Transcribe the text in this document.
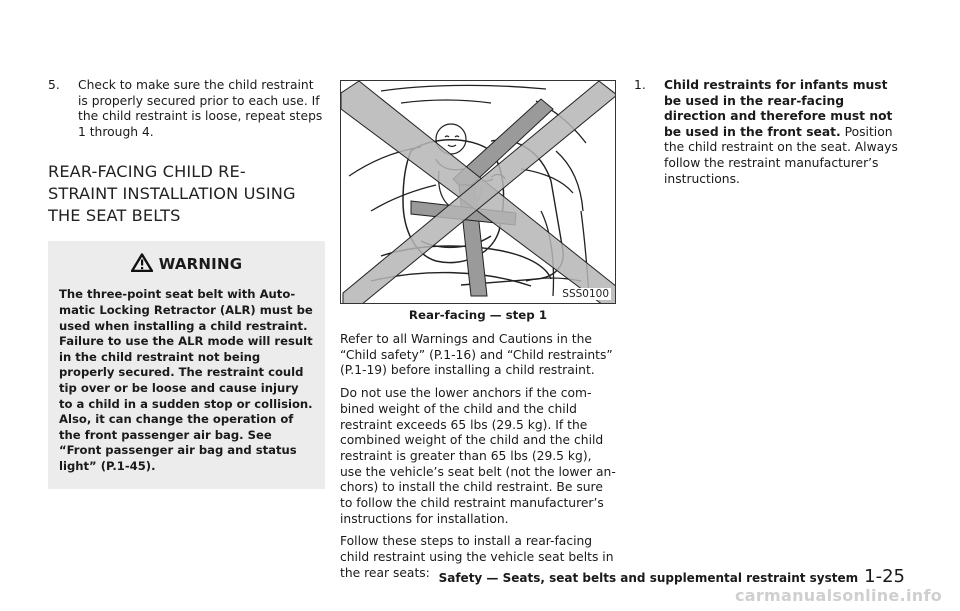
5. Check to make sure the child restraint is properly secured prior to each use. If the child restraint is loose, repeat steps 1 through 4.

REAR-FACING CHILD RE-
STRAINT INSTALLATION USING
THE SEAT BELTS
WARNING

The three-point seat belt with Automatic Locking Retractor (ALR) must be used when installing a child restraint. Failure to use the ALR mode will result in the child restraint not being properly secured. The restraint could tip over or be loose and cause injury to a child in a sudden stop or collision. Also, it can change the operation of the front passenger air bag. See “Front passenger air bag and status light” (P.1-45).

SSS0100
Rear-facing — step 1

Refer to all Warnings and Cautions in the “Child safety” (P.1-16) and “Child restraints” (P.1-19) before installing a child restraint.

Do not use the lower anchors if the combined weight of the child and the child restraint exceeds 65 lbs (29.5 kg). If the combined weight of the child and the child restraint is greater than 65 lbs (29.5 kg), use the vehicle’s seat belt (not the lower anchors) to install the child restraint. Be sure to follow the child restraint manufacturer’s instructions for installation.

Follow these steps to install a rear-facing child restraint using the vehicle seat belts in the rear seats:

1. Child restraints for infants must be used in the rear-facing direction and therefore must not be used in the front seat. Position the child restraint on the seat. Always follow the restraint manufacturer’s instructions.

Safety — Seats, seat belts and supplemental restraint system 1-25
carmanualsonline.info
